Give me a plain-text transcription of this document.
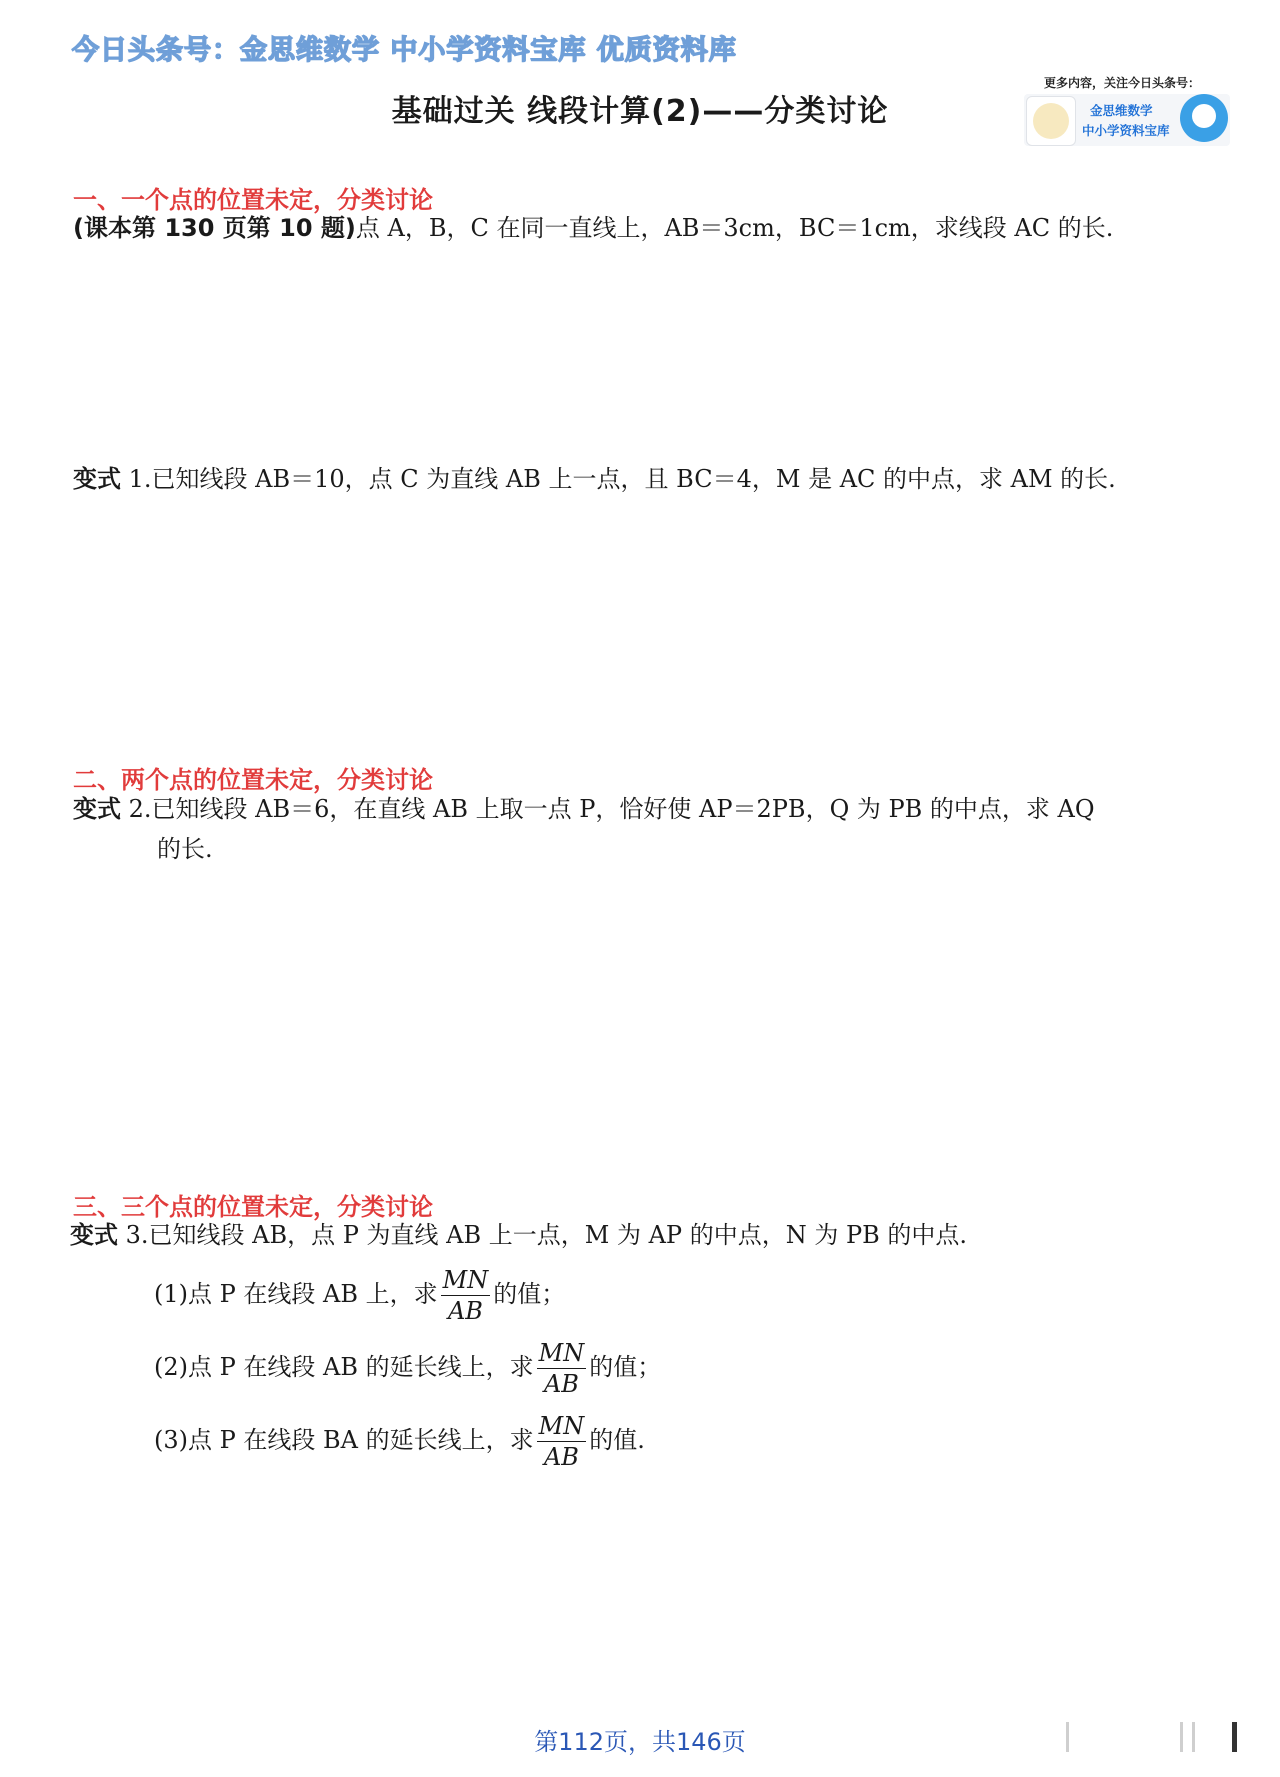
今日头条号：金思维数学 中小学资料宝库 优质资料库
基础过关 线段计算(2)——分类讨论
更多内容，关注今日头条号：
金思维数学
中小学资料宝库
一、一个点的位置未定，分类讨论
(课本第 130 页第 10 题)点 A，B，C 在同一直线上，AB＝3cm，BC＝1cm，求线段 AC 的长.
变式 1.已知线段 AB＝10，点 C 为直线 AB 上一点，且 BC＝4，M 是 AC 的中点，求 AM 的长.
二、两个点的位置未定，分类讨论
变式 2.已知线段 AB＝6，在直线 AB 上取一点 P，恰好使 AP＝2PB，Q 为 PB 的中点，求 AQ
的长.
三、三个点的位置未定，分类讨论
变式 3.已知线段 AB，点 P 为直线 AB 上一点，M 为 AP 的中点，N 为 PB 的中点.
(1)点 P 在线段 AB 上，求 $\frac{MN}{AB}$ 的值；
(2)点 P 在线段 AB 的延长线上，求 $\frac{MN}{AB}$ 的值；
(3)点 P 在线段 BA 的延长线上，求 $\frac{MN}{AB}$ 的值.
第112页，共146页
